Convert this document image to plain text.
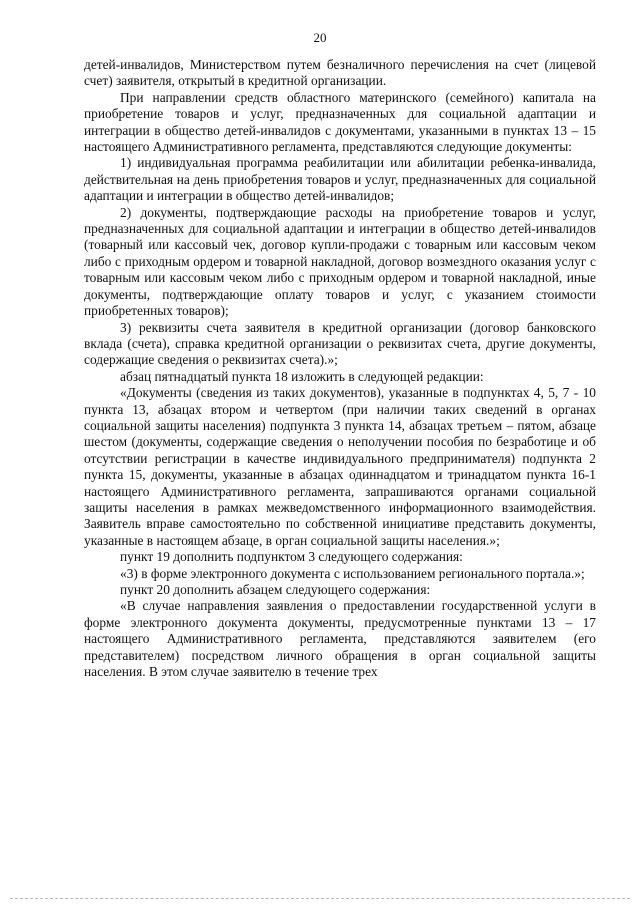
20

детей-инвалидов, Министерством путем безналичного перечисления на счет (лицевой счет) заявителя, открытый в кредитной организации.

При направлении средств областного материнского (семейного) капитала на приобретение товаров и услуг, предназначенных для социальной адаптации и интеграции в общество детей-инвалидов с документами, указанными в пунктах 13 – 15 настоящего Административного регламента, представляются следующие документы:

1) индивидуальная программа реабилитации или абилитации ребенка-инвалида, действительная на день приобретения товаров и услуг, предназначенных для социальной адаптации и интеграции в общество детей-инвалидов;

2) документы, подтверждающие расходы на приобретение товаров и услуг, предназначенных для социальной адаптации и интеграции в общество детей-инвалидов (товарный или кассовый чек, договор купли-продажи с товарным или кассовым чеком либо с приходным ордером и товарной накладной, договор возмездного оказания услуг с товарным или кассовым чеком либо с приходным ордером и товарной накладной, иные документы, подтверждающие оплату товаров и услуг, с указанием стоимости приобретенных товаров);

3) реквизиты счета заявителя в кредитной организации (договор банковского вклада (счета), справка кредитной организации о реквизитах счета, другие документы, содержащие сведения о реквизитах счета).»;

абзац пятнадцатый пункта 18 изложить в следующей редакции:

«Документы (сведения из таких документов), указанные в подпунктах 4, 5, 7 - 10 пункта 13, абзацах втором и четвертом (при наличии таких сведений в органах социальной защиты населения) подпункта 3 пункта 14, абзацах третьем – пятом, абзаце шестом (документы, содержащие сведения о неполучении пособия по безработице и об отсутствии регистрации в качестве индивидуального предпринимателя) подпункта 2 пункта 15, документы, указанные в абзацах одиннадцатом и тринадцатом пункта 16-1 настоящего Административного регламента, запрашиваются органами социальной защиты населения в рамках межведомственного информационного взаимодействия. Заявитель вправе самостоятельно по собственной инициативе представить документы, указанные в настоящем абзаце, в орган социальной защиты населения.»;

пункт 19 дополнить подпунктом 3 следующего содержания:

«3) в форме электронного документа с использованием регионального портала.»;

пункт 20 дополнить абзацем следующего содержания:

«В случае направления заявления о предоставлении государственной услуги в форме электронного документа документы, предусмотренные пунктами 13 – 17 настоящего Административного регламента, представляются заявителем (его представителем) посредством личного обращения в орган социальной защиты населения. В этом случае заявителю в течение трех
